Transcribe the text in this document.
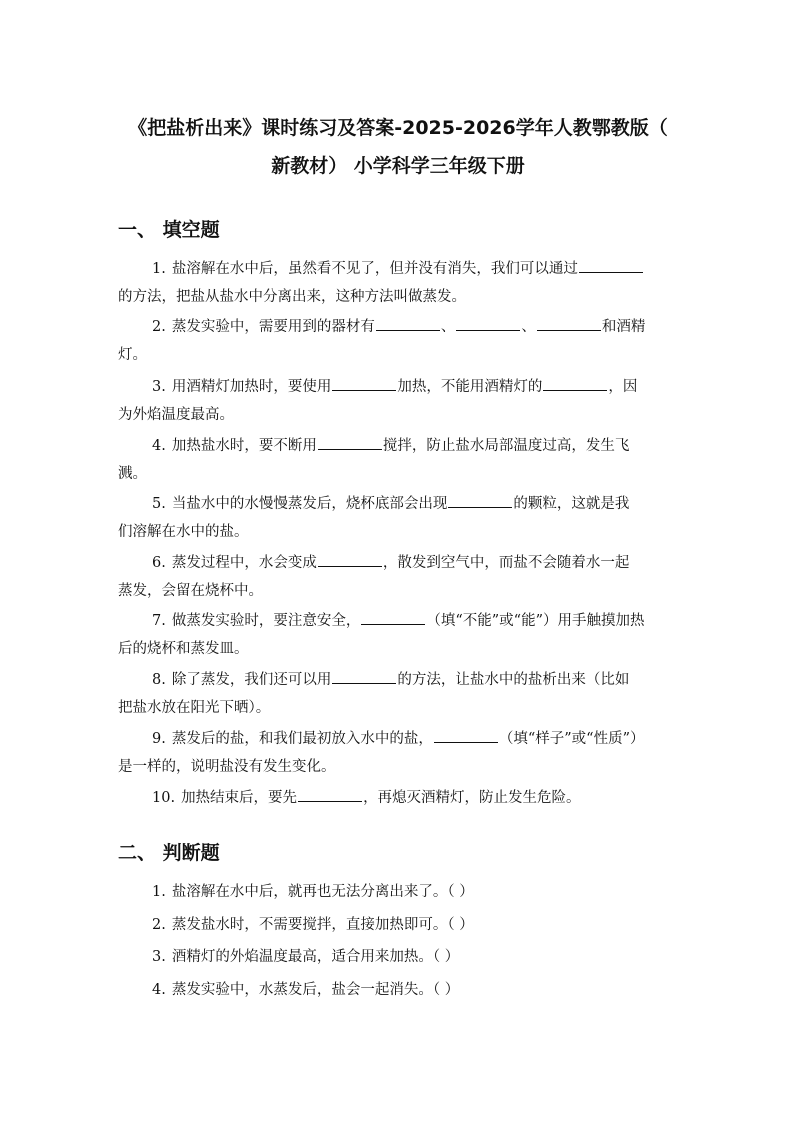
《把盐析出来》课时练习及答案-2025-2026学年人教鄂教版（
新教材） 小学科学三年级下册
一、 填空题
1. 盐溶解在水中后，虽然看不见了，但并没有消失，我们可以通过
的方法，把盐从盐水中分离出来，这种方法叫做蒸发。
2. 蒸发实验中，需要用到的器材有	、	、	和酒精
灯。
3. 用酒精灯加热时，要使用	加热，不能用酒精灯的	，因
为外焰温度最高。
4. 加热盐水时，要不断用	搅拌，防止盐水局部温度过高，发生飞
溅。
5. 当盐水中的水慢慢蒸发后，烧杯底部会出现	的颗粒，这就是我
们溶解在水中的盐。
6. 蒸发过程中，水会变成	，散发到空气中，而盐不会随着水一起
蒸发，会留在烧杯中。
7. 做蒸发实验时，要注意安全，	（填“不能”或“能”）用手触摸加热
后的烧杯和蒸发皿。
8. 除了蒸发，我们还可以用	的方法，让盐水中的盐析出来（比如
把盐水放在阳光下晒）。
9. 蒸发后的盐，和我们最初放入水中的盐，	（填“样子”或“性质”）
是一样的，说明盐没有发生变化。
10. 加热结束后，要先	，再熄灭酒精灯，防止发生危险。
二、 判断题
1. 盐溶解在水中后，就再也无法分离出来了。（ ）
2. 蒸发盐水时，不需要搅拌，直接加热即可。（ ）
3. 酒精灯的外焰温度最高，适合用来加热。（ ）
4. 蒸发实验中，水蒸发后，盐会一起消失。（ ）
